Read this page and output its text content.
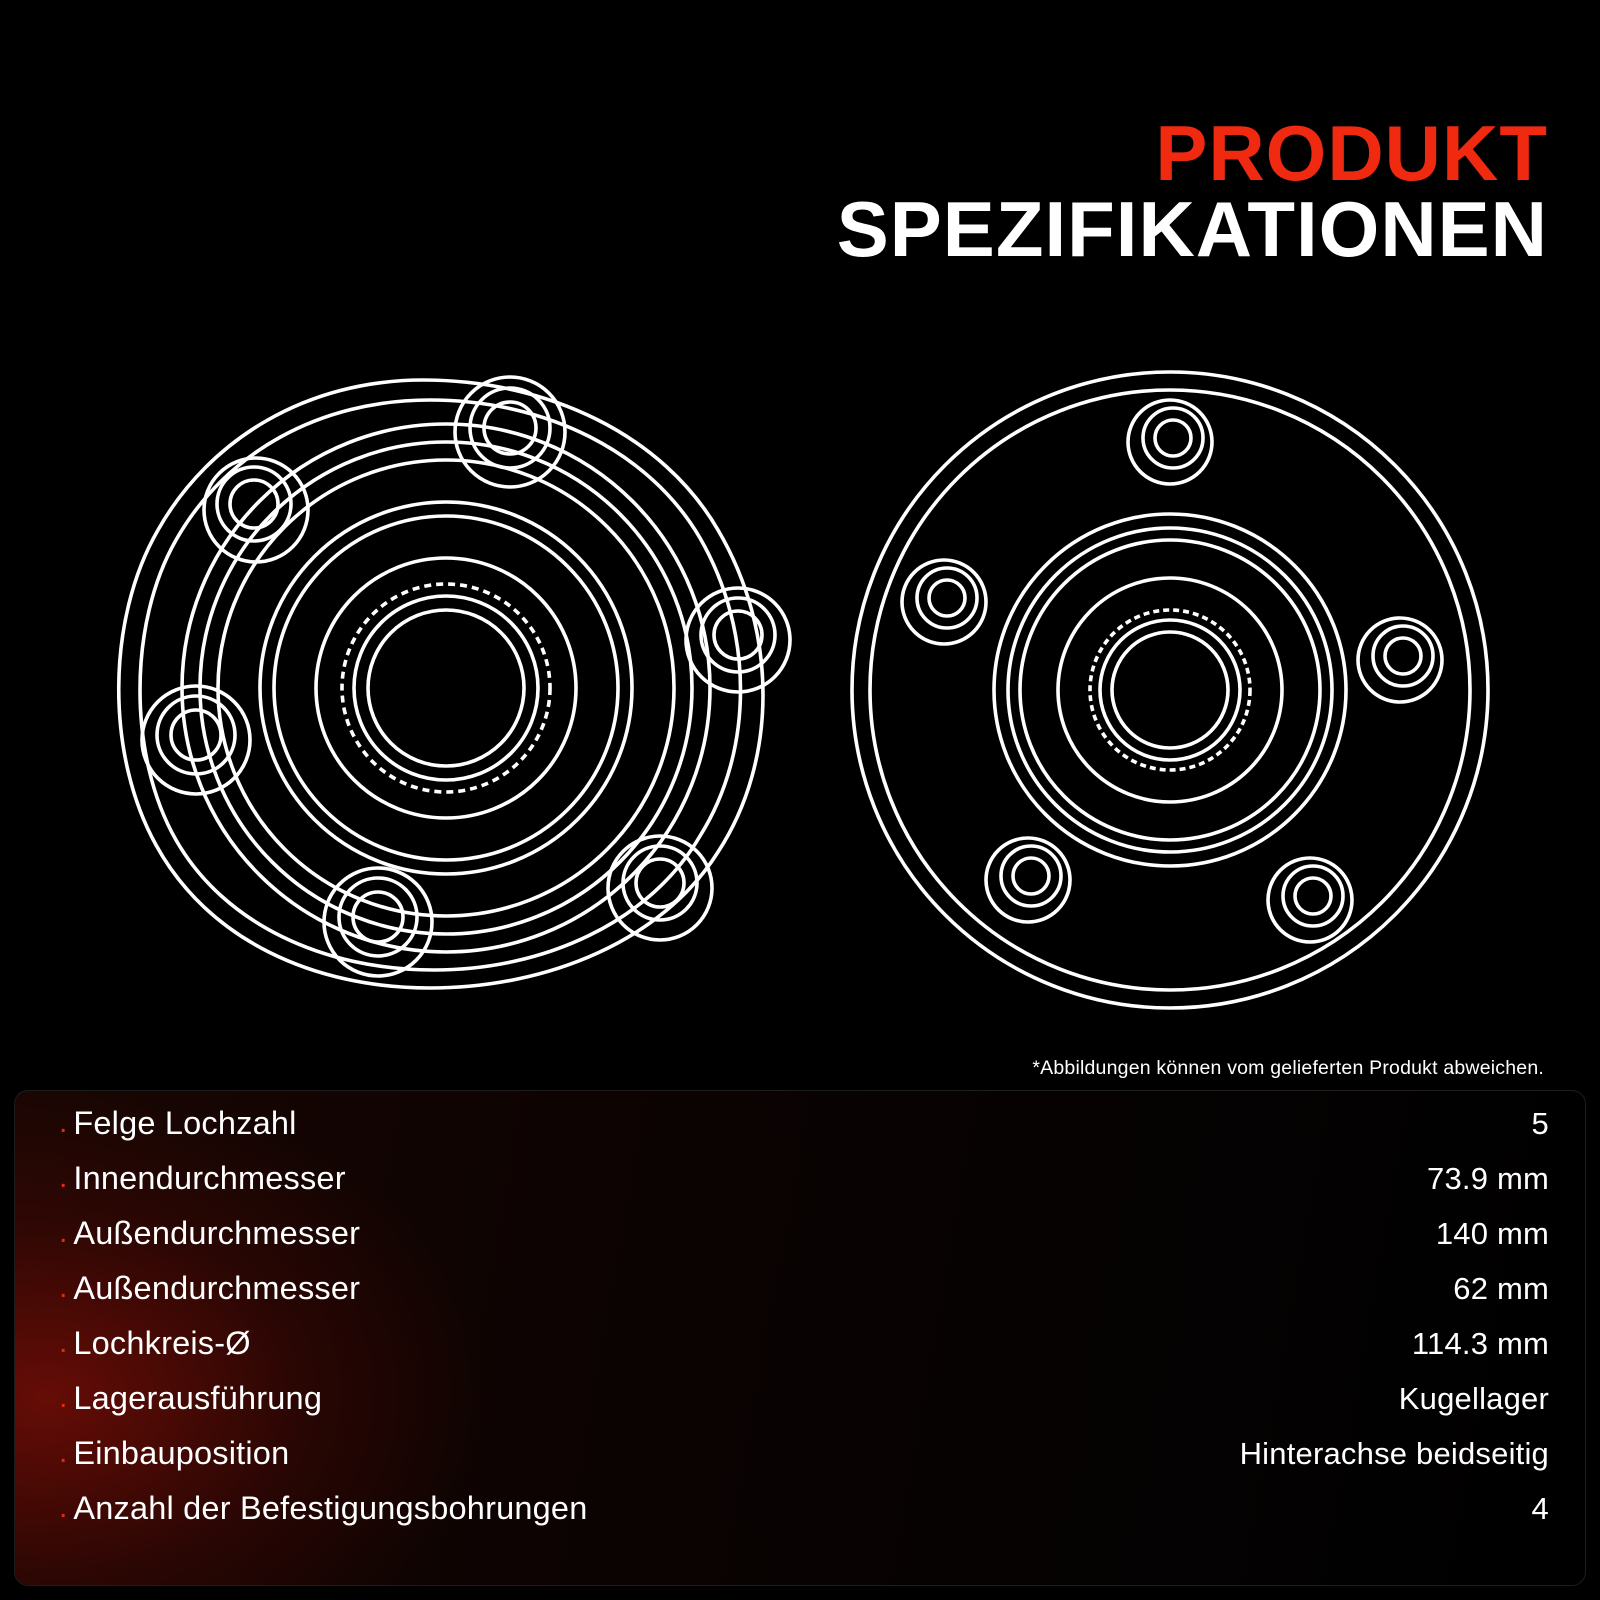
PRODUKT
SPEZIFIKATIONEN
*Abbildungen können vom gelieferten Produkt abweichen.
. Felge Lochzahl	5
. Innendurchmesser	73.9 mm
. Außendurchmesser	140 mm
. Außendurchmesser	62 mm
. Lochkreis-Ø	114.3 mm
. Lagerausführung	Kugellager
. Einbauposition	Hinterachse beidseitig
. Anzahl der Befestigungsbohrungen	4
